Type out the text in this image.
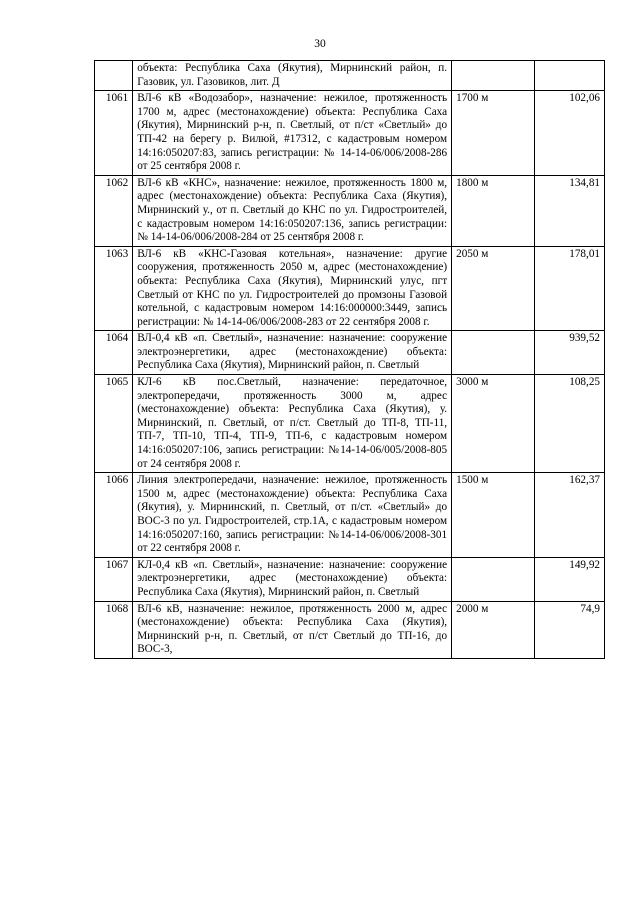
30
	объекта: Республика Саха (Якутия), Мирнинский район, п. Газовик, ул. Газовиков, лит. Д		
1061	ВЛ-6 кВ «Водозабор», назначение: нежилое, протяженность 1700 м, адрес (местонахождение) объекта: Республика Саха (Якутия), Мирнинский р-н, п. Светлый, от п/ст «Светлый» до ТП-42 на берегу р. Вилюй, #17312, с кадастровым номером 14:16:050207:83, запись регистрации: № 14-14-06/006/2008-286 от 25 сентября 2008 г.	1700 м	102,06
1062	ВЛ-6 кВ «КНС», назначение: нежилое, протяженность 1800 м, адрес (местонахождение) объекта: Республика Саха (Якутия), Мирнинский у., от п. Светлый до КНС по ул. Гидростроителей, с кадастровым номером 14:16:050207:136, запись регистрации: № 14-14-06/006/2008-284 от 25 сентября 2008 г.	1800 м	134,81
1063	ВЛ-6 кВ «КНС-Газовая котельная», назначение: другие сооружения, протяженность 2050 м, адрес (местонахождение) объекта: Республика Саха (Якутия), Мирнинский улус, пгт Светлый от КНС по ул. Гидростроителей до промзоны Газовой котельной, с кадастровым номером 14:16:000000:3449, запись регистрации: № 14-14-06/006/2008-283 от 22 сентября 2008 г.	2050 м	178,01
1064	ВЛ-0,4 кВ «п. Светлый», назначение: назначение: сооружение электроэнергетики, адрес (местонахождение) объекта: Республика Саха (Якутия), Мирнинский район, п. Светлый		939,52
1065	КЛ-6 кВ пос.Светлый, назначение: передаточное, электропередачи, протяженность 3000 м, адрес (местонахождение) объекта: Республика Саха (Якутия), у. Мирнинский, п. Светлый, от п/ст. Светлый до ТП-8, ТП-11, ТП-7, ТП-10, ТП-4, ТП-9, ТП-6, с кадастровым номером 14:16:050207:106, запись регистрации: №14-14-06/005/2008-805 от 24 сентября 2008 г.	3000 м	108,25
1066	Линия электропередачи, назначение: нежилое, протяженность 1500 м, адрес (местонахождение) объекта: Республика Саха (Якутия), у. Мирнинский, п. Светлый, от п/ст. «Светлый» до ВОС-3 по ул. Гидростроителей, стр.1А, с кадастровым номером 14:16:050207:160, запись регистрации: №14-14-06/006/2008-301 от 22 сентября 2008 г.	1500 м	162,37
1067	КЛ-0,4 кВ «п. Светлый», назначение: назначение: сооружение электроэнергетики, адрес (местонахождение) объекта: Республика Саха (Якутия), Мирнинский район, п. Светлый		149,92
1068	ВЛ-6 кВ, назначение: нежилое, протяженность 2000 м, адрес (местонахождение) объекта: Республика Саха (Якутия), Мирнинский р-н, п. Светлый, от п/ст Светлый до ТП-16, до ВОС-3,	2000 м	74,9
